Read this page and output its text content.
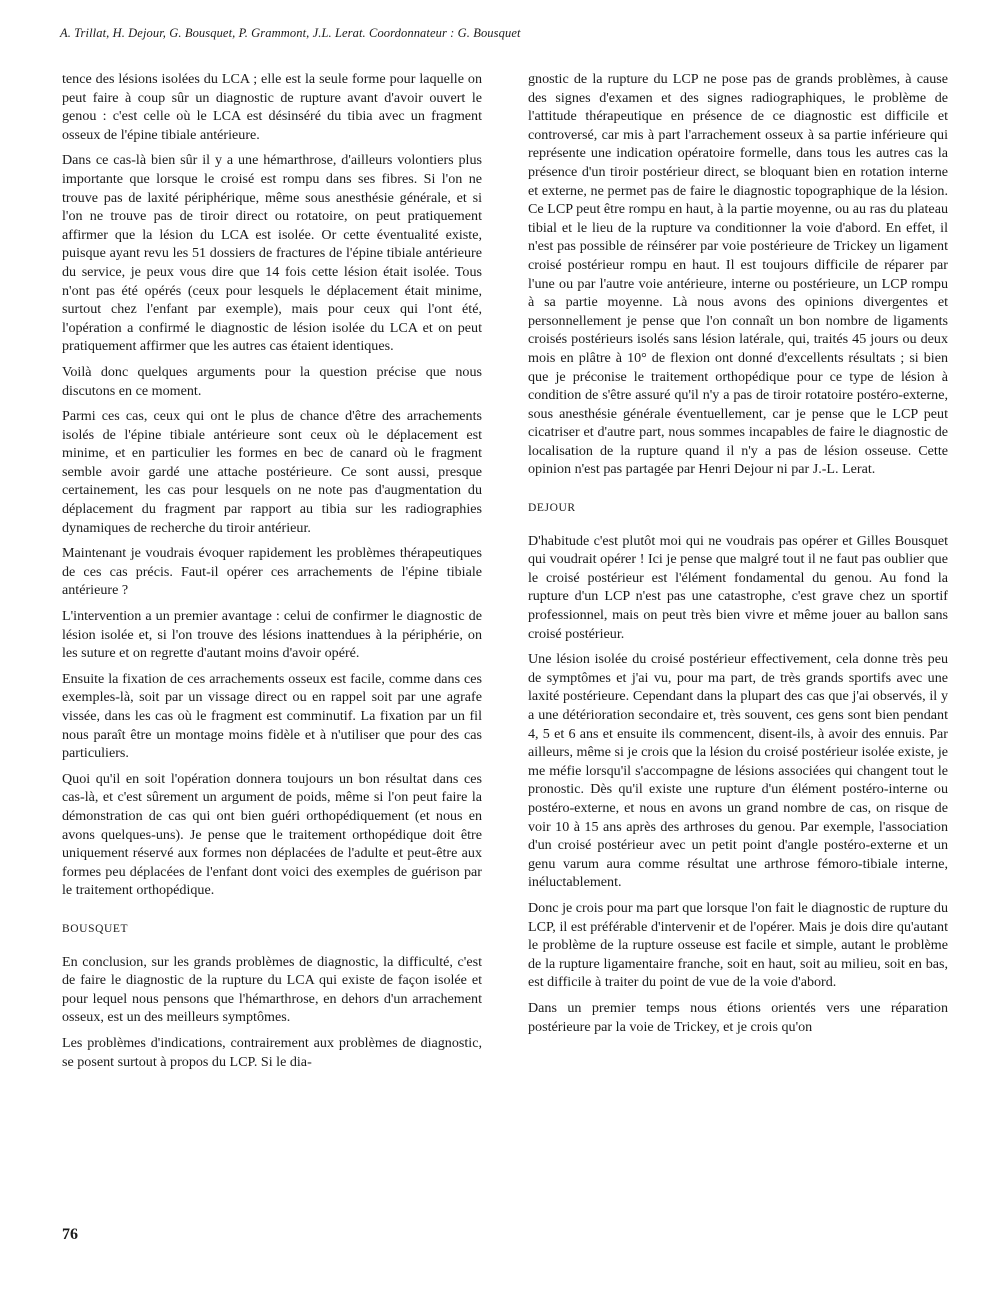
A. Trillat, H. Dejour, G. Bousquet, P. Grammont, J.L. Lerat. Coordonnateur : G. Bousquet

tence des lésions isolées du LCA ; elle est la seule forme pour laquelle on peut faire à coup sûr un diagnostic de rupture avant d'avoir ouvert le genou : c'est celle où le LCA est désinséré du tibia avec un fragment osseux de l'épine tibiale antérieure.

Dans ce cas-là bien sûr il y a une hémarthrose, d'ailleurs volontiers plus importante que lorsque le croisé est rompu dans ses fibres. Si l'on ne trouve pas de laxité périphérique, même sous anesthésie générale, et si l'on ne trouve pas de tiroir direct ou rotatoire, on peut pratiquement affirmer que la lésion du LCA est isolée. Or cette éventualité existe, puisque ayant revu les 51 dossiers de fractures de l'épine tibiale antérieure du service, je peux vous dire que 14 fois cette lésion était isolée. Tous n'ont pas été opérés (ceux pour lesquels le déplacement était minime, surtout chez l'enfant par exemple), mais pour ceux qui l'ont été, l'opération a confirmé le diagnostic de lésion isolée du LCA et on peut pratiquement affirmer que les autres cas étaient identiques.

Voilà donc quelques arguments pour la question précise que nous discutons en ce moment.

Parmi ces cas, ceux qui ont le plus de chance d'être des arrachements isolés de l'épine tibiale antérieure sont ceux où le déplacement est minime, et en particulier les formes en bec de canard où le fragment semble avoir gardé une attache postérieure. Ce sont aussi, presque certainement, les cas pour lesquels on ne note pas d'augmentation du déplacement du fragment par rapport au tibia sur les radiographies dynamiques de recherche du tiroir antérieur.

Maintenant je voudrais évoquer rapidement les problèmes thérapeutiques de ces cas précis. Faut-il opérer ces arrachements de l'épine tibiale antérieure ?

L'intervention a un premier avantage : celui de confirmer le diagnostic de lésion isolée et, si l'on trouve des lésions inattendues à la périphérie, on les suture et on regrette d'autant moins d'avoir opéré.

Ensuite la fixation de ces arrachements osseux est facile, comme dans ces exemples-là, soit par un vissage direct ou en rappel soit par une agrafe vissée, dans les cas où le fragment est comminutif. La fixation par un fil nous paraît être un montage moins fidèle et à n'utiliser que pour des cas particuliers.

Quoi qu'il en soit l'opération donnera toujours un bon résultat dans ces cas-là, et c'est sûrement un argument de poids, même si l'on peut faire la démonstration de cas qui ont bien guéri orthopédiquement (et nous en avons quelques-uns). Je pense que le traitement orthopédique doit être uniquement réservé aux formes non déplacées de l'adulte et peut-être aux formes peu déplacées de l'enfant dont voici des exemples de guérison par le traitement orthopédique.

BOUSQUET

En conclusion, sur les grands problèmes de diagnostic, la difficulté, c'est de faire le diagnostic de la rupture du LCA qui existe de façon isolée et pour lequel nous pensons que l'hémarthrose, en dehors d'un arrachement osseux, est un des meilleurs symptômes.

Les problèmes d'indications, contrairement aux problèmes de diagnostic, se posent surtout à propos du LCP. Si le dia-

gnostic de la rupture du LCP ne pose pas de grands problèmes, à cause des signes d'examen et des signes radiographiques, le problème de l'attitude thérapeutique en présence de ce diagnostic est difficile et controversé, car mis à part l'arrachement osseux à sa partie inférieure qui représente une indication opératoire formelle, dans tous les autres cas la présence d'un tiroir postérieur direct, se bloquant bien en rotation interne et externe, ne permet pas de faire le diagnostic topographique de la lésion. Ce LCP peut être rompu en haut, à la partie moyenne, ou au ras du plateau tibial et le lieu de la rupture va conditionner la voie d'abord. En effet, il n'est pas possible de réinsérer par voie postérieure de Trickey un ligament croisé postérieur rompu en haut. Il est toujours difficile de réparer par l'une ou par l'autre voie antérieure, interne ou postérieure, un LCP rompu à sa partie moyenne. Là nous avons des opinions divergentes et personnellement je pense que l'on connaît un bon nombre de ligaments croisés postérieurs isolés sans lésion latérale, qui, traités 45 jours ou deux mois en plâtre à 10° de flexion ont donné d'excellents résultats ; si bien que je préconise le traitement orthopédique pour ce type de lésion à condition de s'être assuré qu'il n'y a pas de tiroir rotatoire postéro-externe, sous anesthésie générale éventuellement, car je pense que le LCP peut cicatriser et d'autre part, nous sommes incapables de faire le diagnostic de localisation de la rupture quand il n'y a pas de lésion osseuse. Cette opinion n'est pas partagée par Henri Dejour ni par J.-L. Lerat.

DEJOUR

D'habitude c'est plutôt moi qui ne voudrais pas opérer et Gilles Bousquet qui voudrait opérer ! Ici je pense que malgré tout il ne faut pas oublier que le croisé postérieur est l'élément fondamental du genou. Au fond la rupture d'un LCP n'est pas une catastrophe, c'est grave chez un sportif professionnel, mais on peut très bien vivre et même jouer au ballon sans croisé postérieur.

Une lésion isolée du croisé postérieur effectivement, cela donne très peu de symptômes et j'ai vu, pour ma part, de très grands sportifs avec une laxité postérieure. Cependant dans la plupart des cas que j'ai observés, il y a une détérioration secondaire et, très souvent, ces gens sont bien pendant 4, 5 et 6 ans et ensuite ils commencent, disent-ils, à avoir des ennuis. Par ailleurs, même si je crois que la lésion du croisé postérieur isolée existe, je me méfie lorsqu'il s'accompagne de lésions associées qui changent tout le pronostic. Dès qu'il existe une rupture d'un élément postéro-interne ou postéro-externe, et nous en avons un grand nombre de cas, on risque de voir 10 à 15 ans après des arthroses du genou. Par exemple, l'association d'un croisé postérieur avec un petit point d'angle postéro-externe et un genu varum aura comme résultat une arthrose fémoro-tibiale interne, inéluctablement.

Donc je crois pour ma part que lorsque l'on fait le diagnostic de rupture du LCP, il est préférable d'intervenir et de l'opérer. Mais je dois dire qu'autant le problème de la rupture osseuse est facile et simple, autant le problème de la rupture ligamentaire franche, soit en haut, soit au milieu, soit en bas, est difficile à traiter du point de vue de la voie d'abord.

Dans un premier temps nous étions orientés vers une réparation postérieure par la voie de Trickey, et je crois qu'on

76
